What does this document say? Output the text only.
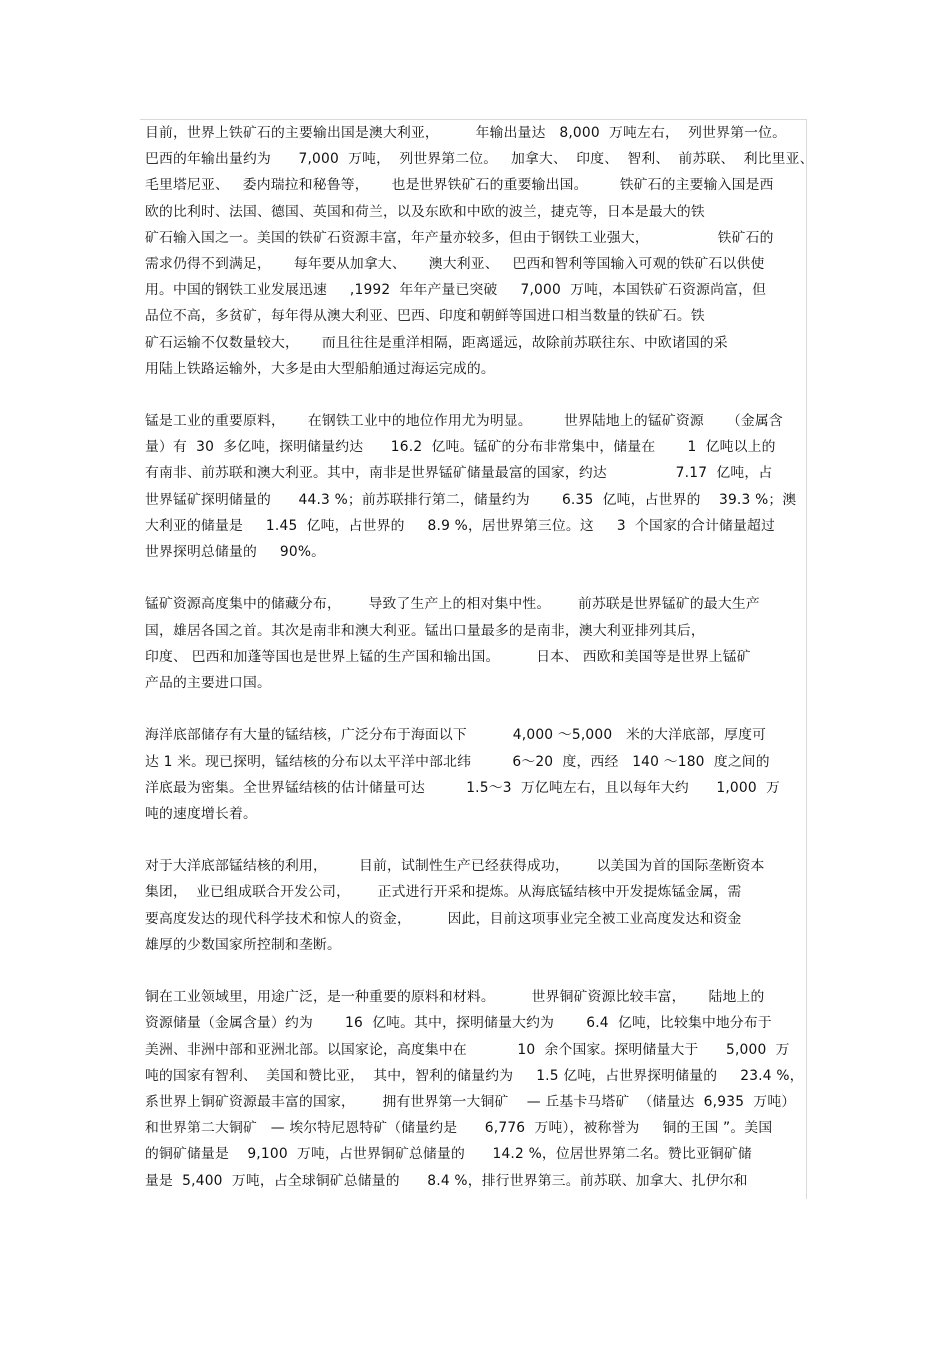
目前，世界上铁矿石的主要输出国是澳大利亚，        年输出量达   8,000  万吨左右，  列世界第一位。
巴西的年输出量约为      7,000  万吨，  列世界第二位。   加拿大、  印度、  智利、  前苏联、  利比里亚、
毛里塔尼亚、   委内瑞拉和秘鲁等，     也是世界铁矿石的重要输出国。       铁矿石的主要输入国是西
欧的比利时、法国、德国、英国和荷兰，以及东欧和中欧的波兰，捷克等，日本是最大的铁
矿石输入国之一。美国的铁矿石资源丰富，年产量亦较多，但由于钢铁工业强大，               铁矿石的
需求仍得不到满足，     每年要从加拿大、     澳大利亚、   巴西和智利等国输入可观的铁矿石以供使
用。中国的钢铁工业发展迅速     ,1992  年年产量已突破     7,000  万吨，本国铁矿石资源尚富，但
品位不高，多贫矿，每年得从澳大利亚、巴西、印度和朝鲜等国进口相当数量的铁矿石。铁
矿石运输不仅数量较大，     而且往往是重洋相隔，距离遥远，故除前苏联往东、中欧诸国的采
用陆上铁路运输外，大多是由大型船舶通过海运完成的。
锰是工业的重要原料，     在钢铁工业中的地位作用尤为明显。       世界陆地上的锰矿资源     （金属含
量）有  30  多亿吨，探明储量约达      16.2  亿吨。锰矿的分布非常集中，储量在       1  亿吨以上的
有南非、前苏联和澳大利亚。其中，南非是世界锰矿储量最富的国家，约达               7.17  亿吨，占
世界锰矿探明储量的      44.3 %；前苏联排行第二，储量约为       6.35  亿吨，占世界的    39.3 %；澳
大利亚的储量是     1.45  亿吨，占世界的     8.9 %，居世界第三位。这     3  个国家的合计储量超过
世界探明总储量的     90%。
锰矿资源高度集中的储藏分布，      导致了生产上的相对集中性。      前苏联是世界锰矿的最大生产
国，雄居各国之首。其次是南非和澳大利亚。锰出口量最多的是南非，澳大利亚排列其后，
印度、 巴西和加蓬等国也是世界上锰的生产国和输出国。        日本、 西欧和美国等是世界上锰矿
产品的主要进口国。
海洋底部储存有大量的锰结核，广泛分布于海面以下          4,000 ～5,000   米的大洋底部，厚度可
达 1 米。现已探明，锰结核的分布以太平洋中部北纬         6～20  度，西经   140 ～180  度之间的
洋底最为密集。全世界锰结核的估计储量可达         1.5～3  万亿吨左右，且以每年大约      1,000  万
吨的速度增长着。
对于大洋底部锰结核的利用，       目前，试制性生产已经获得成功，      以美国为首的国际垄断资本
集团，  业已组成联合开发公司，      正式进行开采和提炼。从海底锰结核中开发提炼锰金属，需
要高度发达的现代科学技术和惊人的资金，        因此，目前这项事业完全被工业高度发达和资金
雄厚的少数国家所控制和垄断。
铜在工业领域里，用途广泛，是一种重要的原料和材料。        世界铜矿资源比较丰富，     陆地上的
资源储量（金属含量）约为       16  亿吨。其中，探明储量大约为       6.4  亿吨，比较集中地分布于
美洲、非洲中部和亚洲北部。以国家论，高度集中在           10  余个国家。探明储量大于      5,000  万
吨的国家有智利、  美国和赞比亚，  其中，智利的储量约为     1.5 亿吨，占世界探明储量的     23.4 %，
系世界上铜矿资源最丰富的国家，      拥有世界第一大铜矿    — 丘基卡马塔矿  （储量达  6,935  万吨）
和世界第二大铜矿   — 埃尔特尼恩特矿（储量约是      6,776  万吨），被称誉为     铜的王国 ”。美国
的铜矿储量是    9,100  万吨，占世界铜矿总储量的      14.2 %，位居世界第二名。赞比亚铜矿储
量是  5,400  万吨，占全球铜矿总储量的      8.4 %，排行世界第三。前苏联、加拿大、扎伊尔和
